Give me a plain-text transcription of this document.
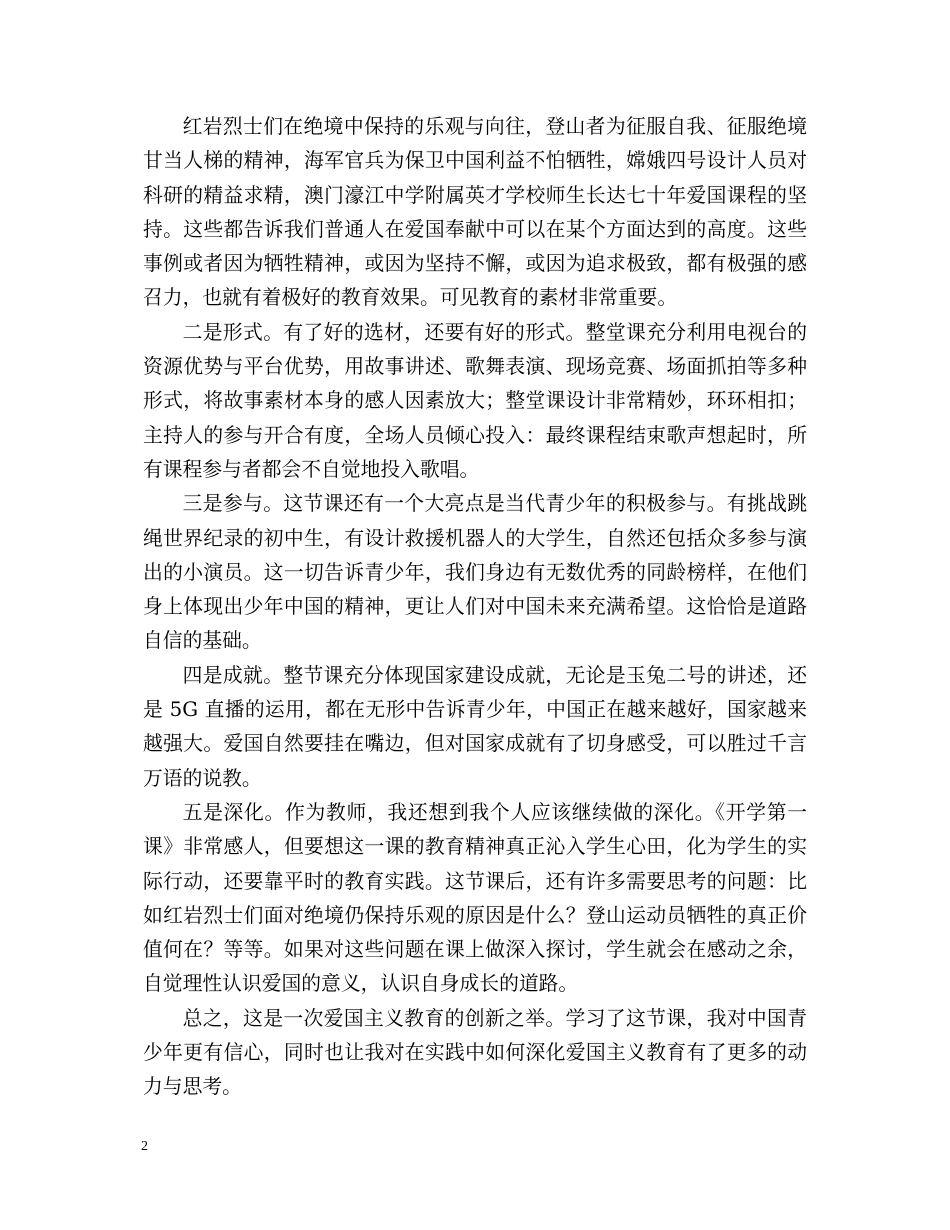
红岩烈士们在绝境中保持的乐观与向往，登山者为征服自我、征服绝境甘当人梯的精神，海军官兵为保卫中国利益不怕牺牲，嫦娥四号设计人员对科研的精益求精，澳门濠江中学附属英才学校师生长达七十年爱国课程的坚持。这些都告诉我们普通人在爱国奉献中可以在某个方面达到的高度。这些事例或者因为牺牲精神，或因为坚持不懈，或因为追求极致，都有极强的感召力，也就有着极好的教育效果。可见教育的素材非常重要。

二是形式。有了好的选材，还要有好的形式。整堂课充分利用电视台的资源优势与平台优势，用故事讲述、歌舞表演、现场竞赛、场面抓拍等多种形式，将故事素材本身的感人因素放大；整堂课设计非常精妙，环环相扣；主持人的参与开合有度，全场人员倾心投入：最终课程结束歌声想起时，所有课程参与者都会不自觉地投入歌唱。

三是参与。这节课还有一个大亮点是当代青少年的积极参与。有挑战跳绳世界纪录的初中生，有设计救援机器人的大学生，自然还包括众多参与演出的小演员。这一切告诉青少年，我们身边有无数优秀的同龄榜样，在他们身上体现出少年中国的精神，更让人们对中国未来充满希望。这恰恰是道路自信的基础。

四是成就。整节课充分体现国家建设成就，无论是玉兔二号的讲述，还是 5G 直播的运用，都在无形中告诉青少年，中国正在越来越好，国家越来越强大。爱国自然要挂在嘴边，但对国家成就有了切身感受，可以胜过千言万语的说教。

五是深化。作为教师，我还想到我个人应该继续做的深化。《开学第一课》非常感人，但要想这一课的教育精神真正沁入学生心田，化为学生的实际行动，还要靠平时的教育实践。这节课后，还有许多需要思考的问题：比如红岩烈士们面对绝境仍保持乐观的原因是什么？登山运动员牺牲的真正价值何在？等等。如果对这些问题在课上做深入探讨，学生就会在感动之余，自觉理性认识爱国的意义，认识自身成长的道路。

总之，这是一次爱国主义教育的创新之举。学习了这节课，我对中国青少年更有信心，同时也让我对在实践中如何深化爱国主义教育有了更多的动力与思考。

2
